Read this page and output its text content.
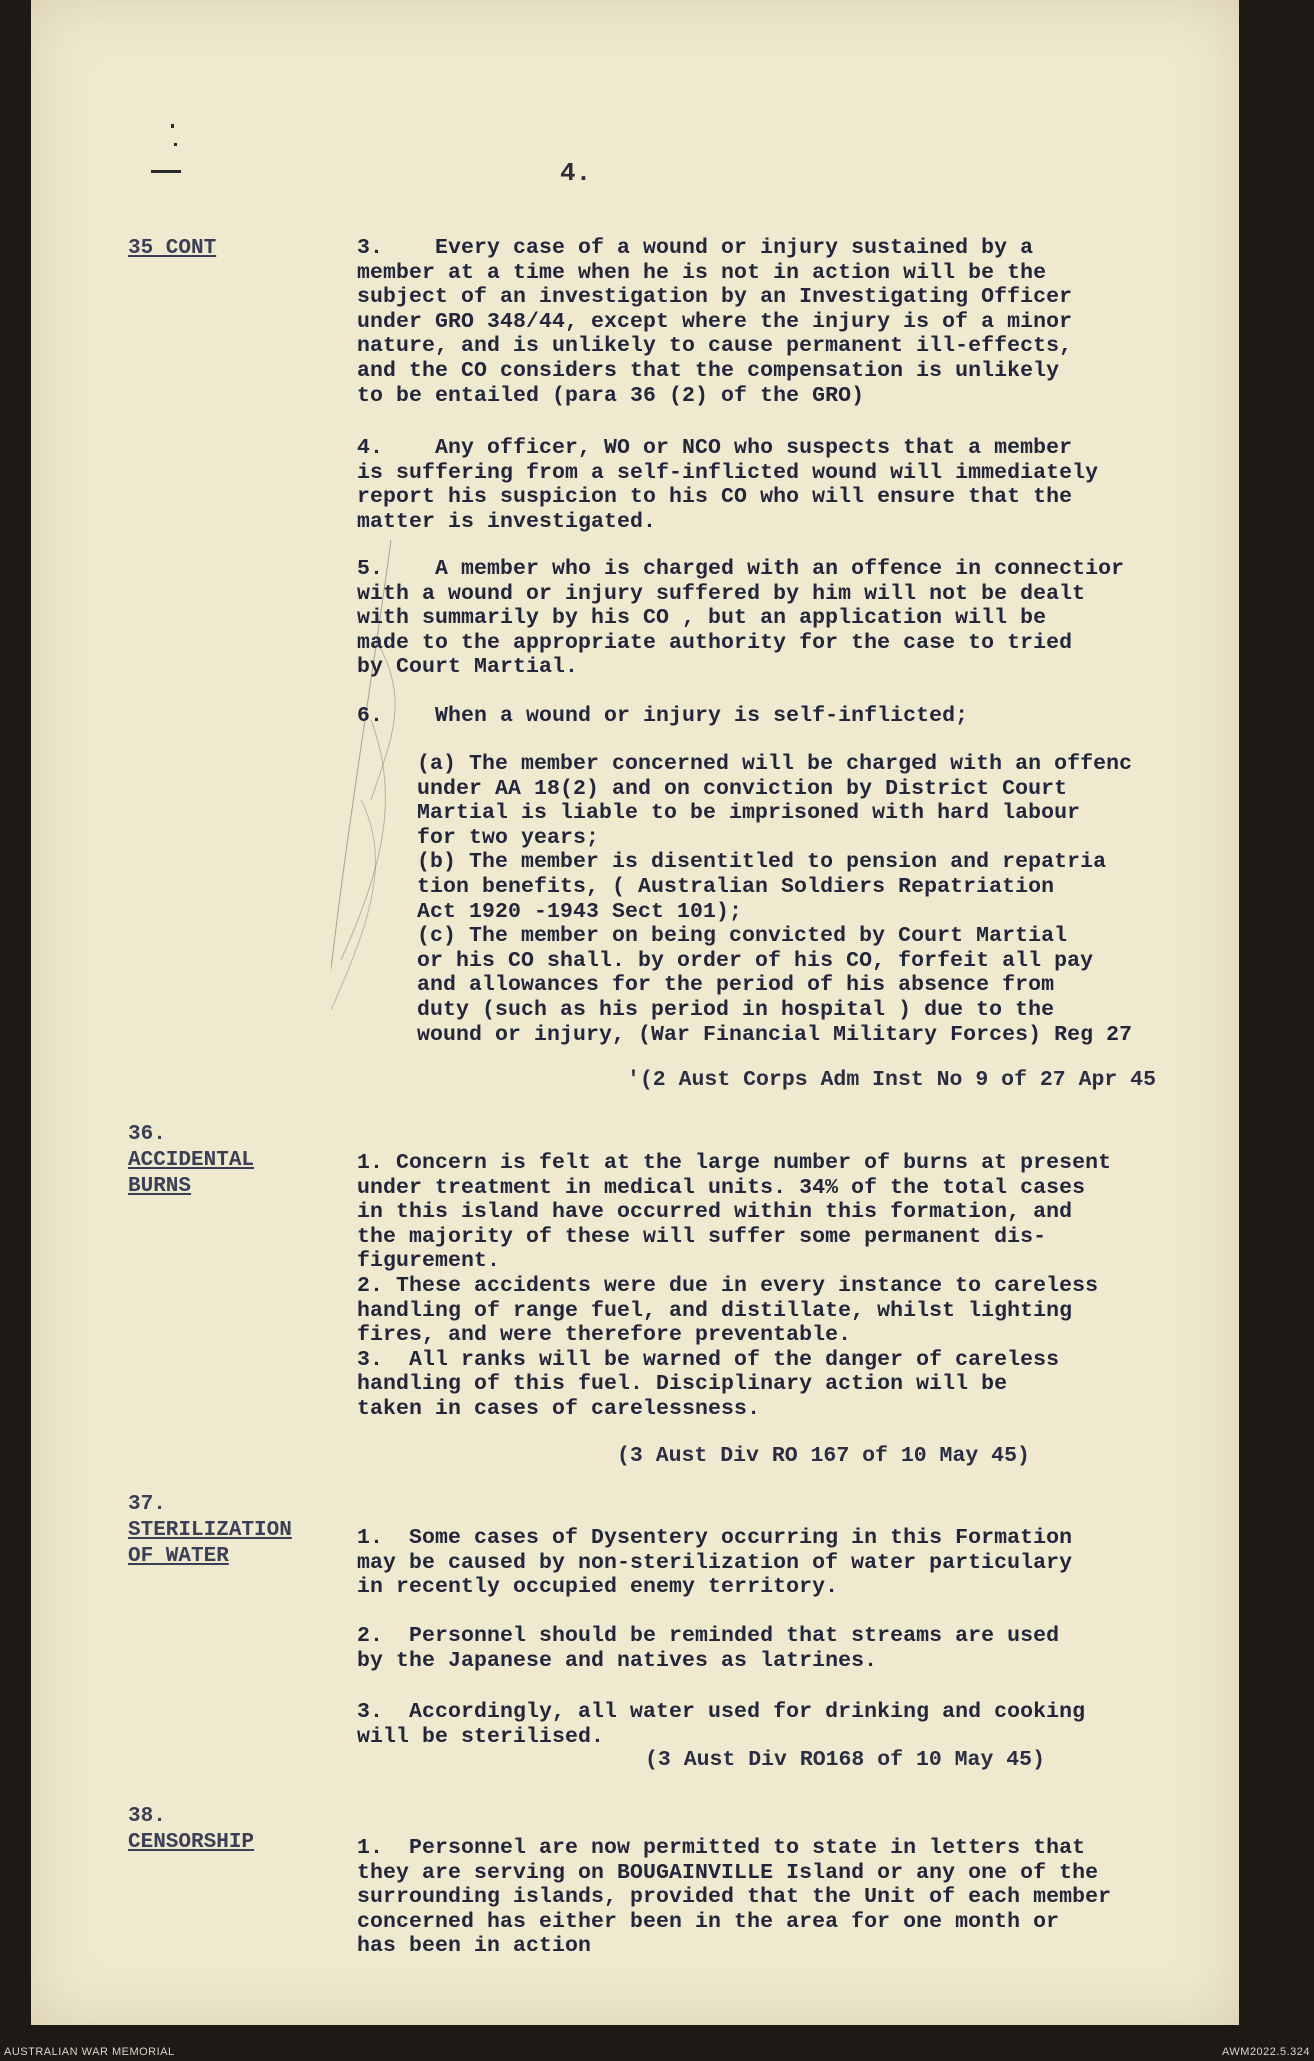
4.
35 CONT	3.    Every case of a wound or injury sustained by a
member at a time when he is not in action will be the
subject of an investigation by an Investigating Officer
under GRO 348/44, except where the injury is of a minor
nature, and is unlikely to cause permanent ill-effects,
and the CO considers that the compensation is unlikely
to be entailed (para 36 (2) of the GRO)
4.    Any officer, WO or NCO who suspects that a member
is suffering from a self-inflicted wound will immediately
report his suspicion to his CO who will ensure that the
matter is investigated.
5.    A member who is charged with an offence in connectior
with a wound or injury suffered by him will not be dealt
with summarily by his CO , but an application will be
made to the appropriate authority for the case to tried
by Court Martial.
6.    When a wound or injury is self-inflicted;
(a) The member concerned will be charged with an offenc
under AA 18(2) and on conviction by District Court
Martial is liable to be imprisoned with hard labour
for two years;
(b) The member is disentitled to pension and repatria
tion benefits, ( Australian Soldiers Repatriation
Act 1920 -1943 Sect 101);
(c) The member on being convicted by Court Martial
or his CO shall. by order of his CO, forfeit all pay
and allowances for the period of his absence from
duty (such as his period in hospital ) due to the
wound or injury, (War Financial Military Forces) Reg 27
'(2 Aust Corps Adm Inst No 9 of 27 Apr 45
36.
ACCIDENTAL
BURNS
1. Concern is felt at the large number of burns at present
under treatment in medical units. 34% of the total cases
in this island have occurred within this formation, and
the majority of these will suffer some permanent dis-
figurement.
2. These accidents were due in every instance to careless
handling of range fuel, and distillate, whilst lighting
fires, and were therefore preventable.
3.  All ranks will be warned of the danger of careless
handling of this fuel. Disciplinary action will be
taken in cases of carelessness.
(3 Aust Div RO 167 of 10 May 45)
37.
STERILIZATION
OF WATER
1.  Some cases of Dysentery occurring in this Formation
may be caused by non-sterilization of water particulary
in recently occupied enemy territory.
2.  Personnel should be reminded that streams are used
by the Japanese and natives as latrines.
3.  Accordingly, all water used for drinking and cooking
will be sterilised.
(3 Aust Div RO168 of 10 May 45)
38.
CENSORSHIP	1.  Personnel are now permitted to state in letters that
they are serving on BOUGAINVILLE Island or any one of the
surrounding islands, provided that the Unit of each member
concerned has either been in the area for one month or
has been in action
AUSTRALIAN WAR MEMORIAL	AWM2022.5.324
